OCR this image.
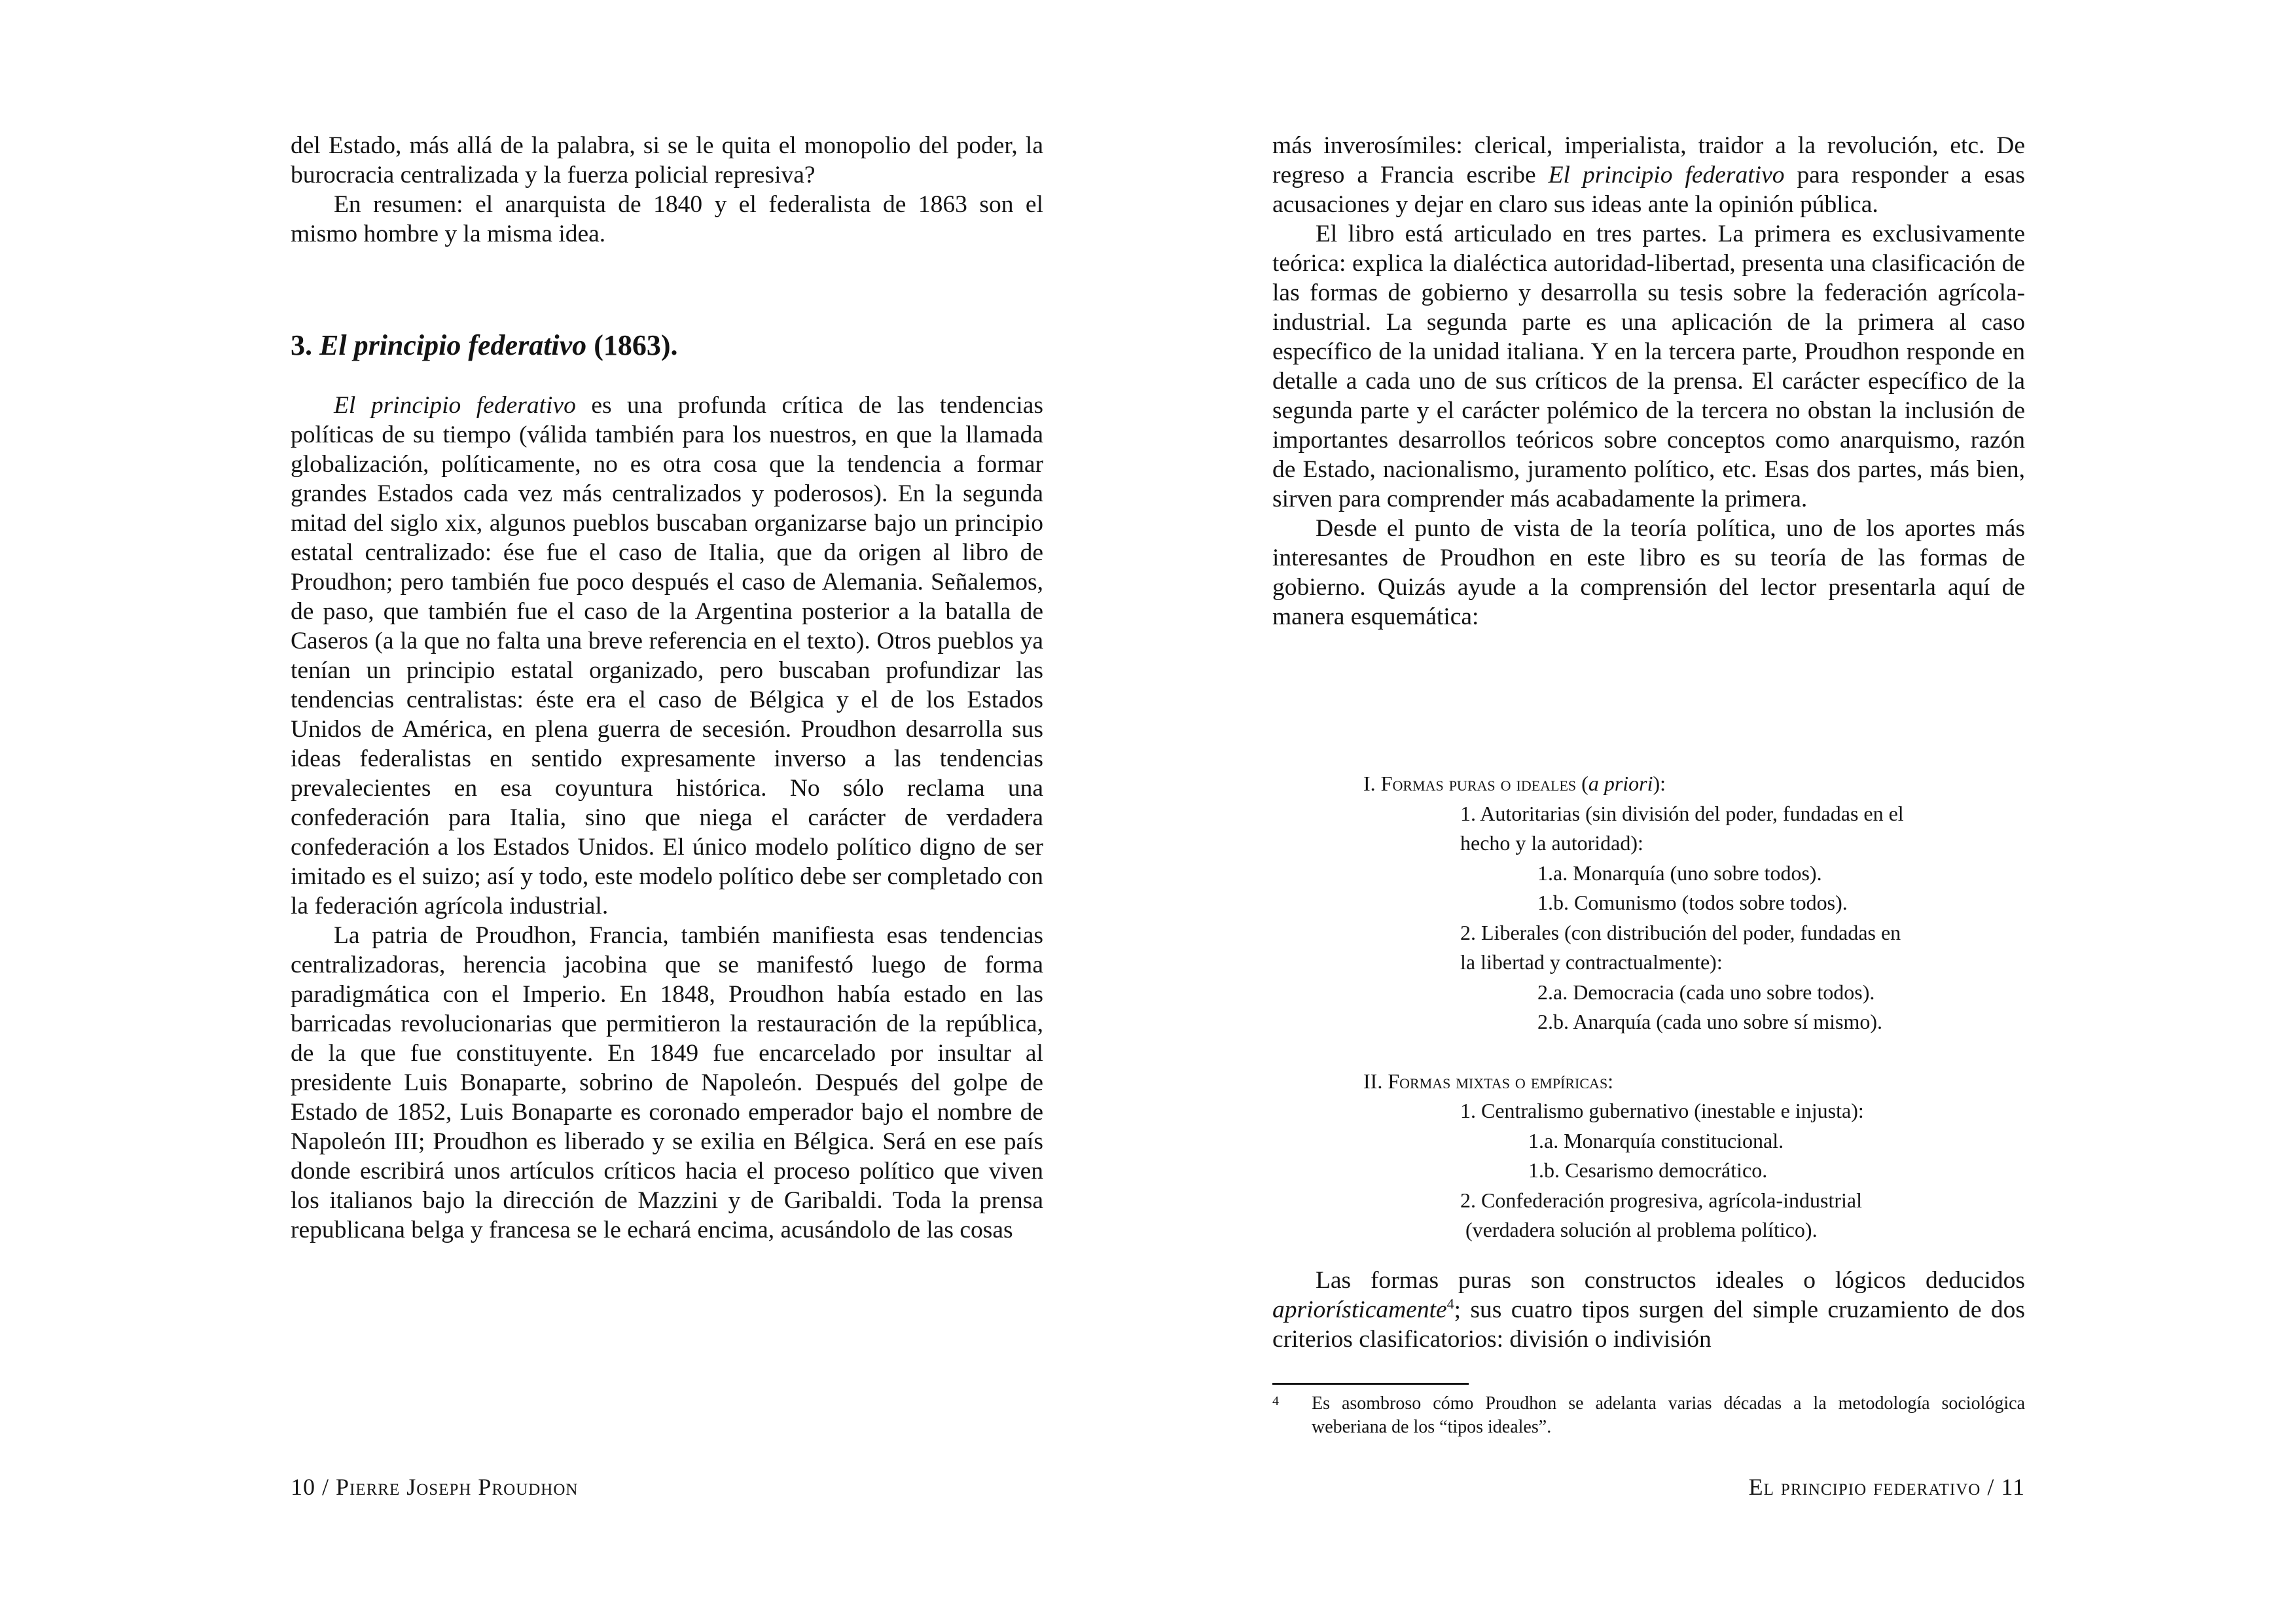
del Estado, más allá de la palabra, si se le quita el monopolio del poder, la burocracia centralizada y la fuerza policial represiva?

En resumen: el anarquista de 1840 y el federalista de 1863 son el mismo hombre y la misma idea.

3. El principio federativo (1863).

El principio federativo es una profunda crítica de las tendencias políticas de su tiempo (válida también para los nuestros, en que la llamada globalización, políticamente, no es otra cosa que la tendencia a formar grandes Estados cada vez más centralizados y poderosos). En la segunda mitad del siglo xix, algunos pueblos buscaban organizarse bajo un principio estatal centralizado: ése fue el caso de Italia, que da origen al libro de Proudhon; pero también fue poco después el caso de Alemania. Señalemos, de paso, que también fue el caso de la Argentina posterior a la batalla de Caseros (a la que no falta una breve referencia en el texto). Otros pueblos ya tenían un principio estatal organizado, pero buscaban profundizar las tendencias centralistas: éste era el caso de Bélgica y el de los Estados Unidos de América, en plena guerra de secesión. Proudhon desarrolla sus ideas federalistas en sentido expresamente inverso a las tendencias prevalecientes en esa coyuntura histórica. No sólo reclama una confederación para Italia, sino que niega el carácter de verdadera confederación a los Estados Unidos. El único modelo político digno de ser imitado es el suizo; así y todo, este modelo político debe ser completado con la federación agrícola industrial.

La patria de Proudhon, Francia, también manifiesta esas tendencias centralizadoras, herencia jacobina que se manifestó luego de forma paradigmática con el Imperio. En 1848, Proudhon había estado en las barricadas revolucionarias que permitieron la restauración de la república, de la que fue constituyente. En 1849 fue encarcelado por insultar al presidente Luis Bonaparte, sobrino de Napoleón. Después del golpe de Estado de 1852, Luis Bonaparte es coronado emperador bajo el nombre de Napoleón III; Proudhon es liberado y se exilia en Bélgica. Será en ese país donde escribirá unos artículos críticos hacia el proceso político que viven los italianos bajo la dirección de Mazzini y de Garibaldi. Toda la prensa republicana belga y francesa se le echará encima, acusándolo de las cosas

10 / Pierre Joseph Proudhon

más inverosímiles: clerical, imperialista, traidor a la revolución, etc. De regreso a Francia escribe El principio federativo para responder a esas acusaciones y dejar en claro sus ideas ante la opinión pública.

El libro está articulado en tres partes. La primera es exclusivamente teórica: explica la dialéctica autoridad-libertad, presenta una clasificación de las formas de gobierno y desarrolla su tesis sobre la federación agrícola-industrial. La segunda parte es una aplicación de la primera al caso específico de la unidad italiana. Y en la tercera parte, Proudhon responde en detalle a cada uno de sus críticos de la prensa. El carácter específico de la segunda parte y el carácter polémico de la tercera no obstan la inclusión de importantes desarrollos teóricos sobre conceptos como anarquismo, razón de Estado, nacionalismo, juramento político, etc. Esas dos partes, más bien, sirven para comprender más acabadamente la primera.

Desde el punto de vista de la teoría política, uno de los aportes más interesantes de Proudhon en este libro es su teoría de las formas de gobierno. Quizás ayude a la comprensión del lector presentarla aquí de manera esquemática:

I. Formas puras o ideales (a priori):
1. Autoritarias (sin división del poder, fundadas en el
hecho y la autoridad):
1.a. Monarquía (uno sobre todos).
1.b. Comunismo (todos sobre todos).
2. Liberales (con distribución del poder, fundadas en
la libertad y contractualmente):
2.a. Democracia (cada uno sobre todos).
2.b. Anarquía (cada uno sobre sí mismo).
II. Formas mixtas o empíricas:
1. Centralismo gubernativo (inestable e injusta):
1.a. Monarquía constitucional.
1.b. Cesarismo democrático.
2. Confederación progresiva, agrícola-industrial
(verdadera solución al problema político).

Las formas puras son constructos ideales o lógicos deducidos apriorísticamente$^4$; sus cuatro tipos surgen del simple cruzamiento de dos criterios clasificatorios: división o indivisión

4	Es asombroso cómo Proudhon se adelanta varias décadas a la metodología sociológica weberiana de los “tipos ideales”.
El principio federativo / 11
